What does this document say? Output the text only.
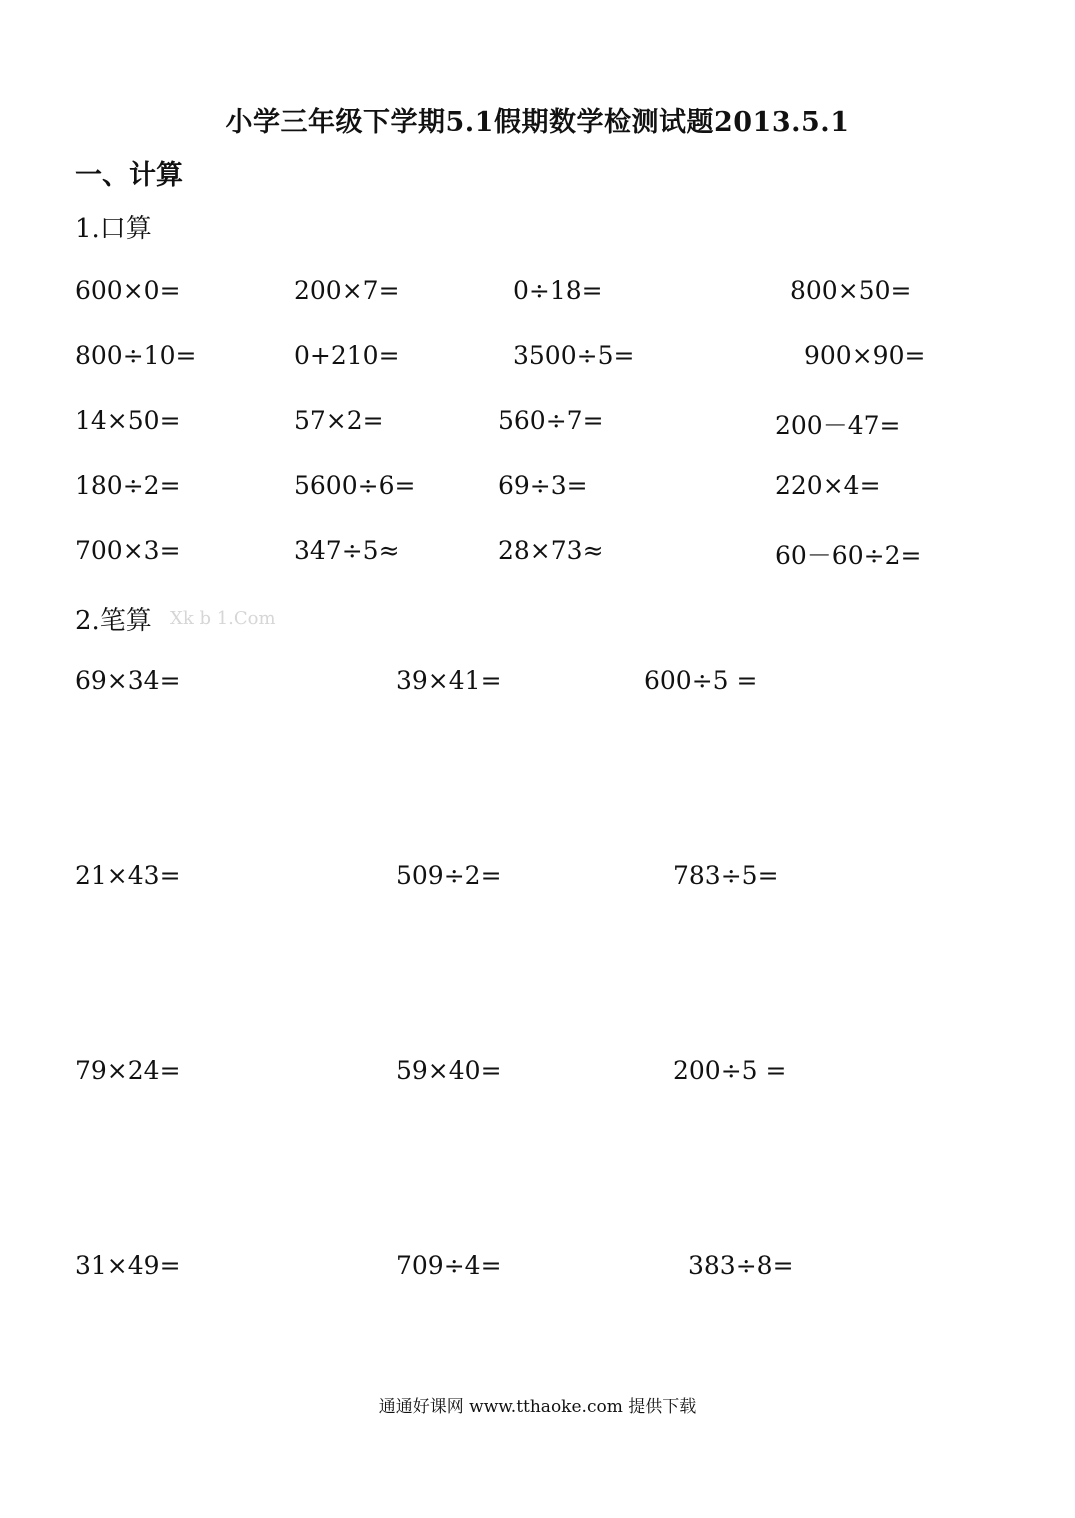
小学三年级下学期5.1假期数学检测试题2013.5.1
一、计算
1.口算
600×0=	200×7=	0÷18=	800×50=
800÷10=	0+210=	3500÷5=	900×90=
14×50=	57×2=	560÷7=	200－47=
180÷2=	5600÷6=	69÷3=	220×4=
700×3=	347÷5≈	28×73≈	60－60÷2=
2.笔算 Xk b 1.Com
69×34=	39×41=	600÷5 =
21×43=	509÷2=	783÷5=
79×24=	59×40=	200÷5 =
31×49=	709÷4=	383÷8=
通通好课网 www.tthaoke.com 提供下载
